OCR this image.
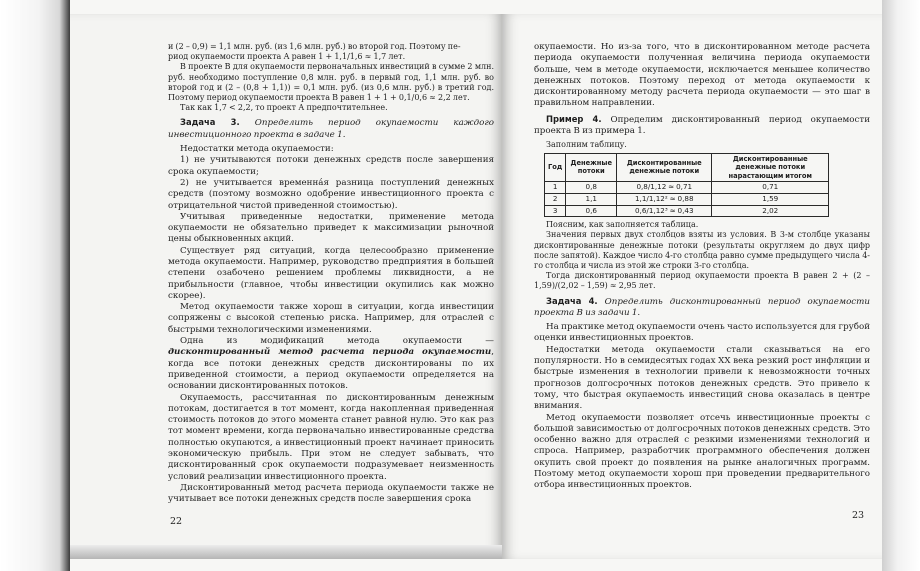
и (2 – 0,9) = 1,1 млн. руб. (из 1,6 млн. руб.) во второй год. Поэтому пе-

риод окупаемости проекта А равен 1 + 1,1/1,6 ≈ 1,7 лет.

В проекте В для окупаемости первоначальных инвестиций в сумме 2 млн. руб. необходимо поступление 0,8 млн. руб. в первый год, 1,1 млн. руб. во второй год и (2 – (0,8 + 1,1)) = 0,1 млн. руб. (из 0,6 млн. руб.) в третий год. Поэтому период окупаемости проекта В равен 1 + 1 + 0,1/0,6 ≈ 2,2 лет.

Так как 1,7 < 2,2, то проект А предпочтительнее.

Задача 3. Определить период окупаемости каждого инвестиционного проекта в задаче 1.

Недостатки метода окупаемости:

1) не учитываются потоки денежных средств после завершения срока окупаемости;

2) не учитывается временнáя разница поступлений денежных средств (поэтому возможно одобрение инвестиционного проекта с отрицательной чистой приведенной стоимостью).

Учитывая приведенные недостатки, применение метода окупаемости не обязательно приведет к максимизации рыночной цены обыкновенных акций.

Существует ряд ситуаций, когда целесообразно применение метода окупаемости. Например, руководство предприятия в большей степени озабочено решением проблемы ликвидности, а не прибыльности (главное, чтобы инвестиции окупились как можно скорее).

Метод окупаемости также хорош в ситуации, когда инвестиции сопряжены с высокой степенью риска. Например, для отраслей с быстрыми технологическими изменениями.

Одна из модификаций метода окупаемости — дисконтированный метод расчета периода окупаемости, когда все потоки денежных средств дисконтированы по их приведенной стоимости, а период окупаемости определяется на основании дисконтированных потоков.

Окупаемость, рассчитанная по дисконтированным денежным потокам, достигается в тот момент, когда накопленная приведенная стоимость потоков до этого момента станет равной нулю. Это как раз тот момент времени, когда первоначально инвестированные средства полностью окупаются, а инвестиционный проект начинает приносить экономическую прибыль. При этом не следует забывать, что дисконтированный срок окупаемости подразумевает неизменность условий реализации инвестиционного проекта.

Дисконтированный метод расчета периода окупаемости также не учитывает все потоки денежных средств после завершения срока

22

окупаемости. Но из-за того, что в дисконтированном методе расчета периода окупаемости полученная величина периода окупаемости больше, чем в методе окупаемости, исключается меньшее количество денежных потоков. Поэтому переход от метода окупаемости к дисконтированному методу расчета периода окупаемости — это шаг в правильном направлении.

Пример 4. Определим дисконтированный период окупаемости проекта В из примера 1.

Заполним таблицу.

Год	Денежные потоки	Дисконтированные денежные потоки	Дисконтированные денежные потоки нарастающим итогом
1	0,8	0,8/1,12 ≈ 0,71	0,71
2	1,1	1,1/1,12² ≈ 0,88	1,59
3	0,6	0,6/1,12³ ≈ 0,43	2,02

Поясним, как заполняется таблица.

Значения первых двух столбцов взяты из условия. В 3-м столбце указаны дисконтированные денежные потоки (результаты округляем до двух цифр после запятой). Каждое число 4-го столбца равно сумме предыдущего числа 4-го столбца и числа из этой же строки 3-го столбца.

Тогда дисконтированный период окупаемости проекта В равен 2 + (2 – 1,59)/(2,02 – 1,59) ≈ 2,95 лет.

Задача 4. Определить дисконтированный период окупаемости проекта В из задачи 1.

На практике метод окупаемости очень часто используется для грубой оценки инвестиционных проектов.

Недостатки метода окупаемости стали сказываться на его популярности. Но в семидесятых годах XX века резкий рост инфляции и быстрые изменения в технологии привели к невозможности точных прогнозов долгосрочных потоков денежных средств. Это привело к тому, что быстрая окупаемость инвестиций снова оказалась в центре внимания.

Метод окупаемости позволяет отсечь инвестиционные проекты с большой зависимостью от долгосрочных потоков денежных средств. Это особенно важно для отраслей с резкими изменениями технологий и спроса. Например, разработчик программного обеспечения должен окупить свой проект до появления на рынке аналогичных программ. Поэтому метод окупаемости хорош при проведении предварительного отбора инвестиционных проектов.

23
